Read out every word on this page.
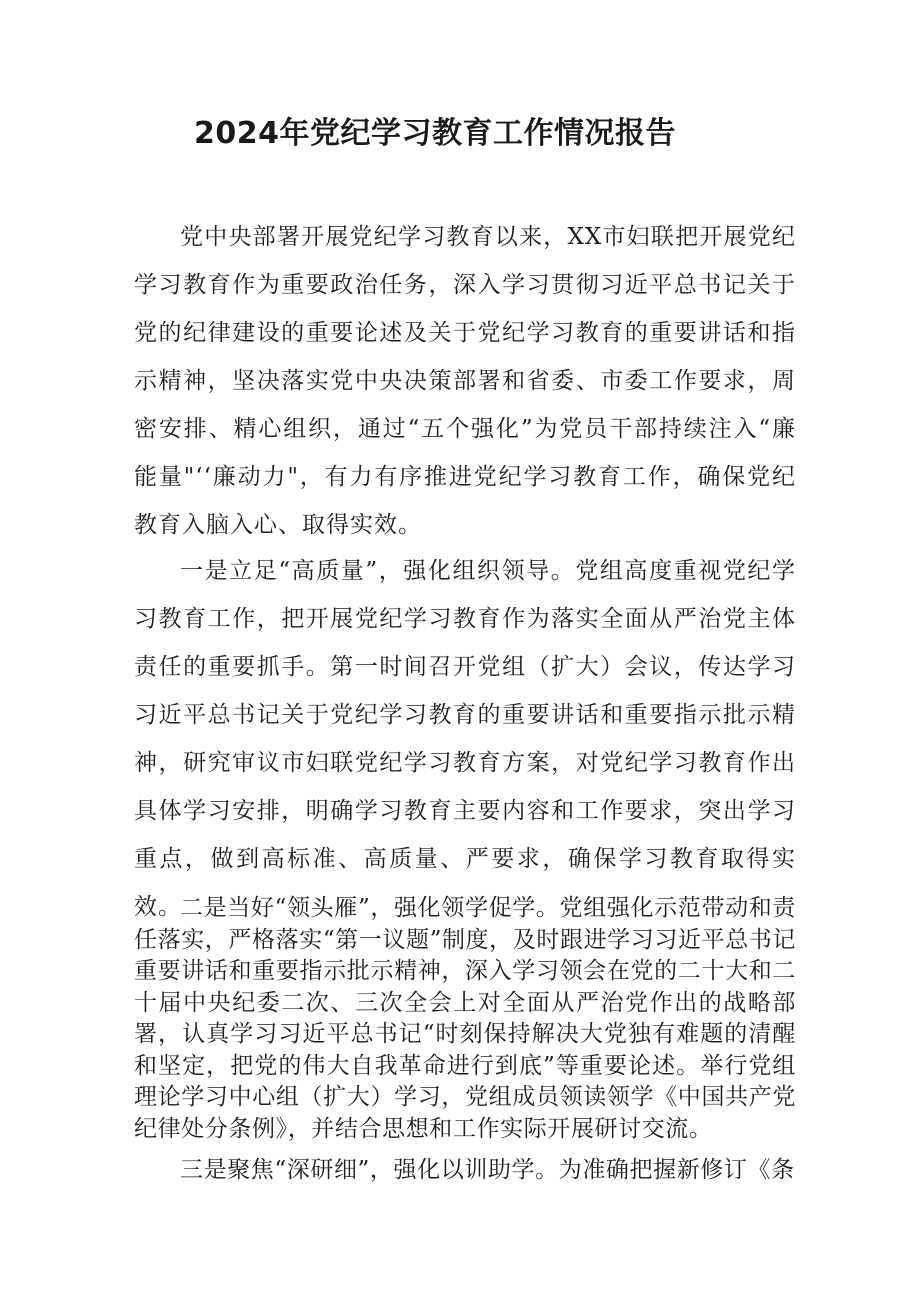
2024年党纪学习教育工作情况报告

党中央部署开展党纪学习教育以来，XX市妇联把开展党纪学习教育作为重要政治任务，深入学习贯彻习近平总书记关于党的纪律建设的重要论述及关于党纪学习教育的重要讲话和指示精神，坚决落实党中央决策部署和省委、市委工作要求，周密安排、精心组织，通过“五个强化”为党员干部持续注入“廉能量"‘‘廉动力"，有力有序推进党纪学习教育工作，确保党纪教育入脑入心、取得实效。

一是立足“高质量”，强化组织领导。党组高度重视党纪学习教育工作，把开展党纪学习教育作为落实全面从严治党主体责任的重要抓手。第一时间召开党组（扩大）会议，传达学习习近平总书记关于党纪学习教育的重要讲话和重要指示批示精神，研究审议市妇联党纪学习教育方案，对党纪学习教育作出具体学习安排，明确学习教育主要内容和工作要求，突出学习重点，做到高标准、高质量、严要求，确保学习教育取得实效。

二是当好“领头雁”，强化领学促学。党组强化示范带动和责任落实，严格落实“第一议题”制度，及时跟进学习习近平总书记重要讲话和重要指示批示精神，深入学习领会在党的二十大和二十届中央纪委二次、三次全会上对全面从严治党作出的战略部署，认真学习习近平总书记“时刻保持解决大党独有难题的清醒和坚定，把党的伟大自我革命进行到底”等重要论述。举行党组理论学习中心组（扩大）学习，党组成员领读领学《中国共产党纪律处分条例》，并结合思想和工作实际开展研讨交流。

三是聚焦“深研细”，强化以训助学。为准确把握新修订《条
